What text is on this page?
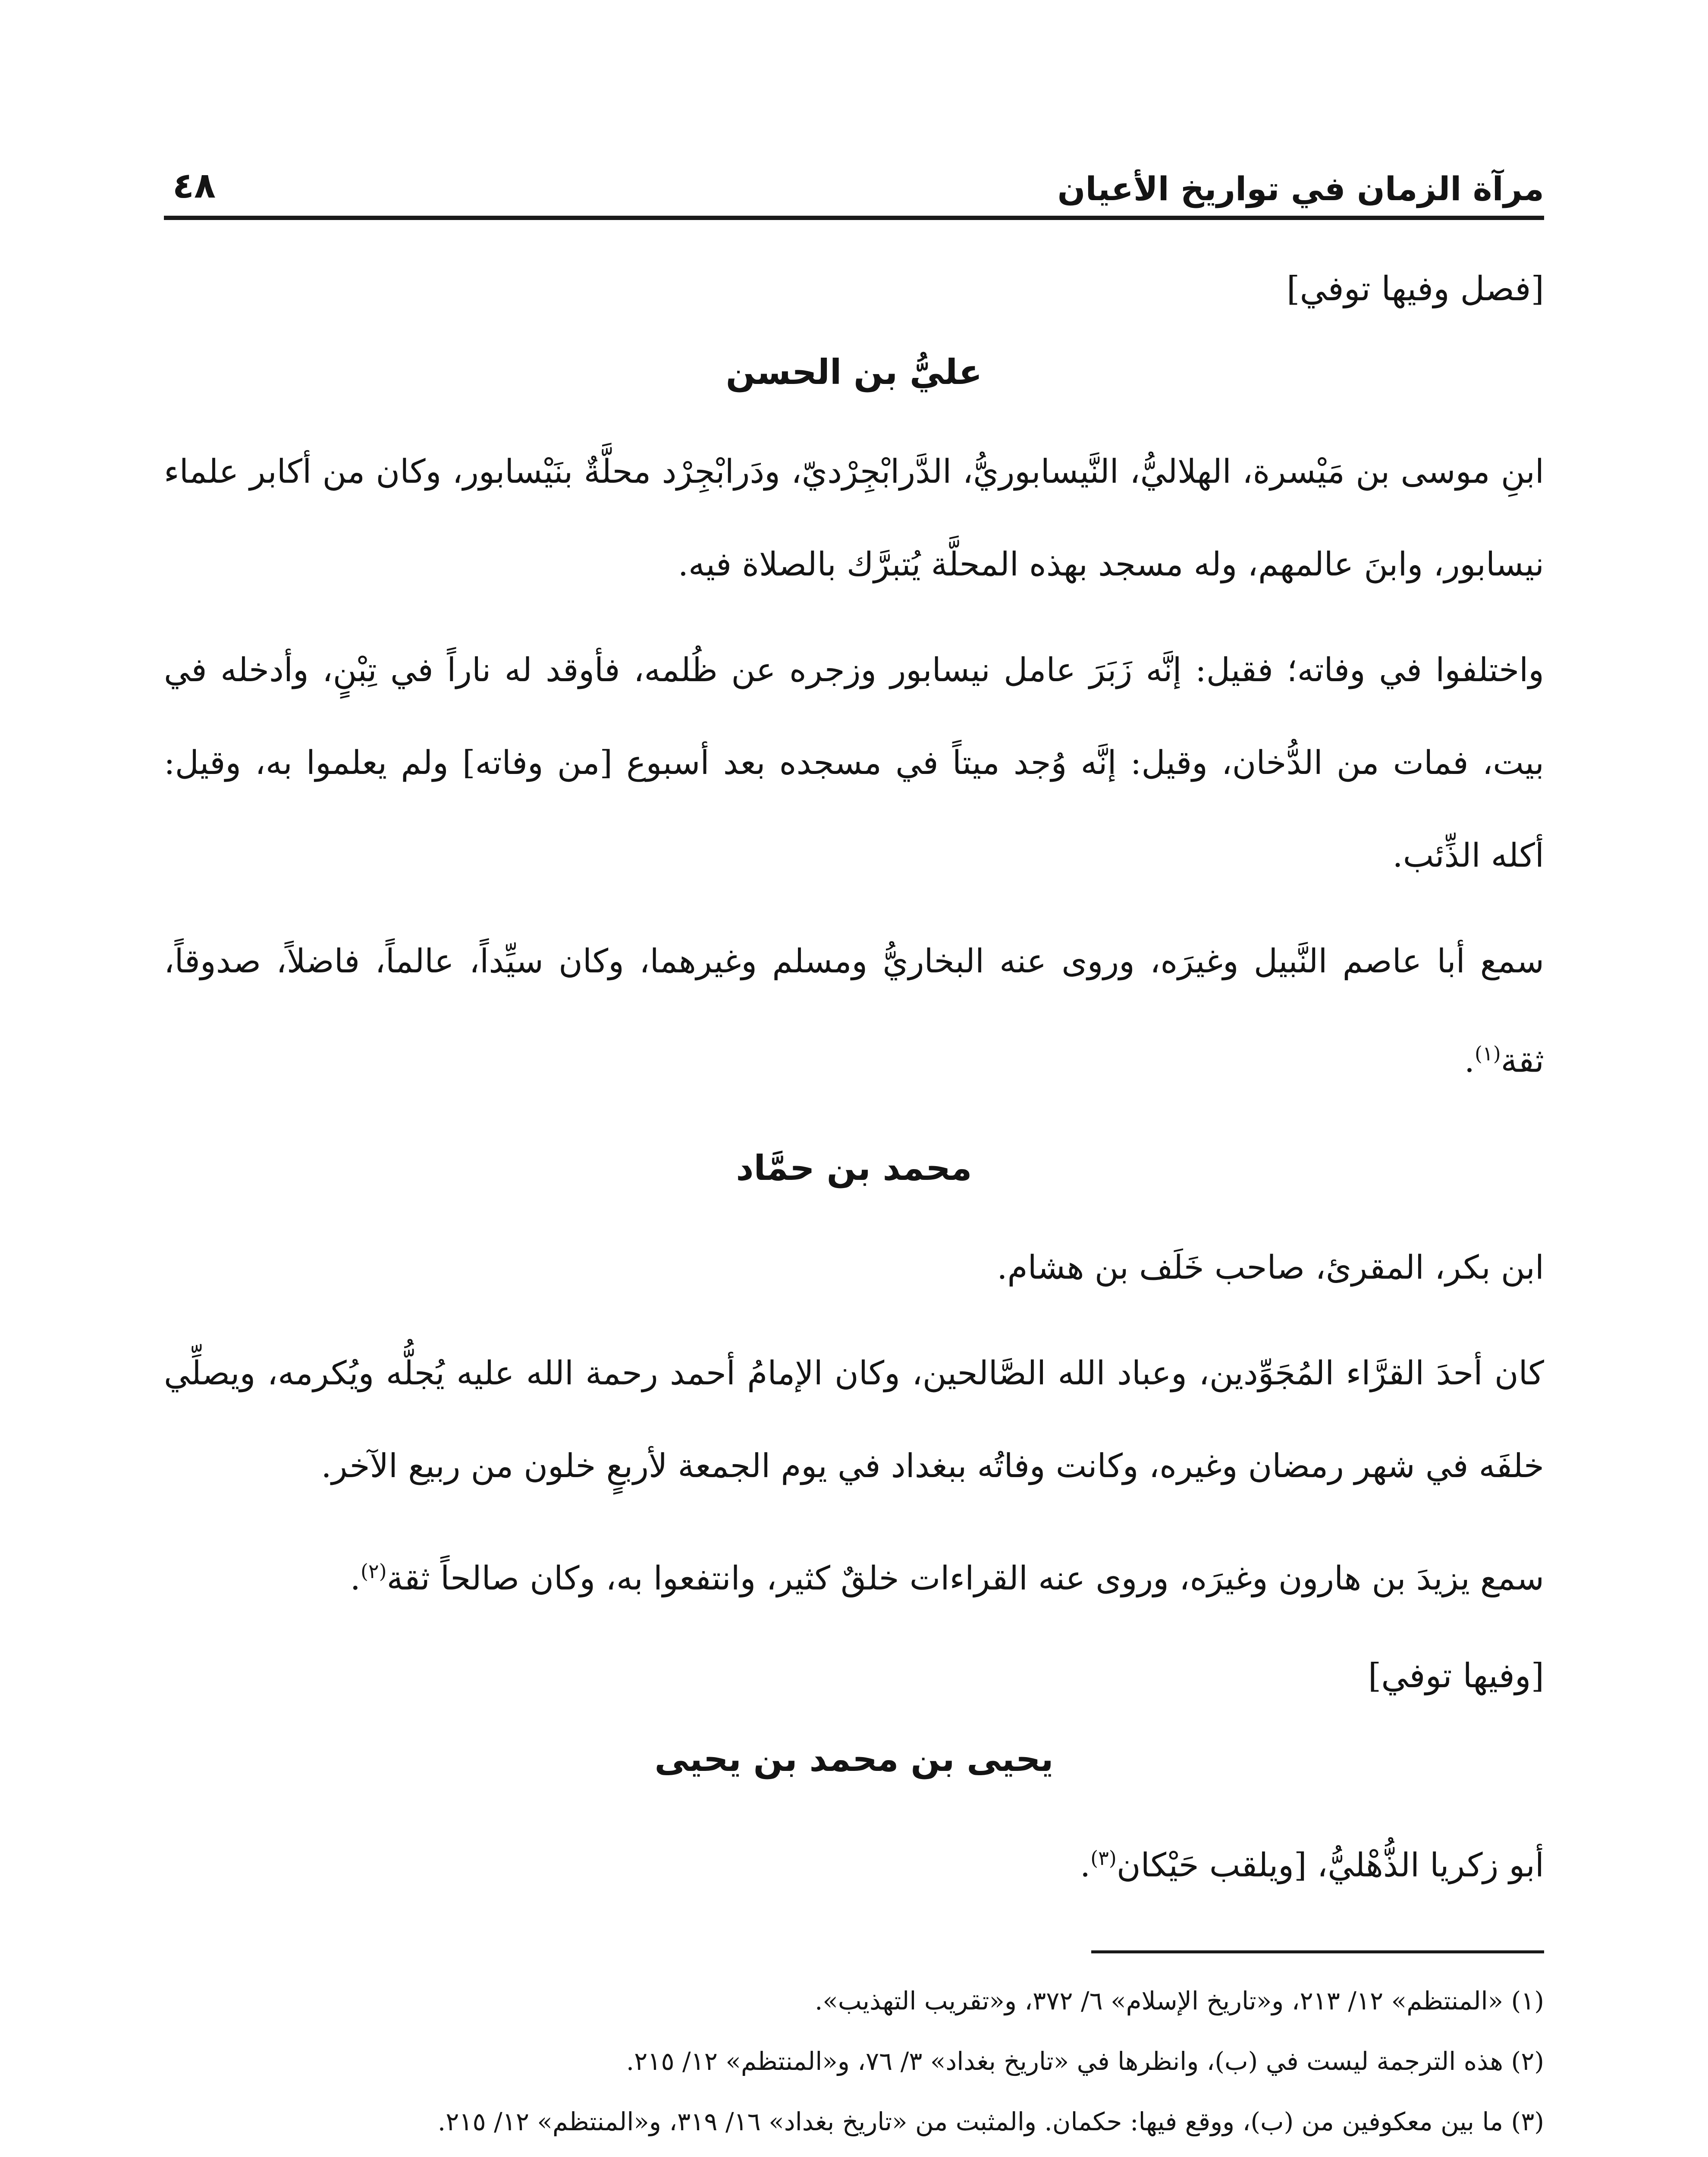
مرآة الزمان في تواريخ الأعيان
٤٨

[فصل وفيها توفي]

عليُّ بن الحسن

ابنِ موسى بن مَيْسرة، الهلاليُّ، النَّيسابوريُّ، الدَّرابْجِرْديّ، ودَرابْجِرْد محلَّةٌ بنَيْسابور، وكان من أكابر علماء نيسابور، وابنَ عالمهم، وله مسجد بهذه المحلَّة يُتبرَّك بالصلاة فيه.

واختلفوا في وفاته؛ فقيل: إنَّه زَبَرَ عامل نيسابور وزجره عن ظُلمه، فأوقد له ناراً في تِبْنٍ، وأدخله في بيت، فمات من الدُّخان، وقيل: إنَّه وُجد ميتاً في مسجده بعد أسبوع [من وفاته] ولم يعلموا به، وقيل: أكله الذِّئب.

سمع أبا عاصم النَّبيل وغيرَه، وروى عنه البخاريُّ ومسلم وغيرهما، وكان سيِّداً، عالماً، فاضلاً، صدوقاً، ثقة$^{(١)}$.

محمد بن حمَّاد

ابن بكر، المقرئ، صاحب خَلَف بن هشام.

كان أحدَ القرَّاء المُجَوِّدين، وعباد الله الصَّالحين، وكان الإمامُ أحمد رحمة الله عليه يُجلُّه ويُكرمه، ويصلِّي خلفَه في شهر رمضان وغيره، وكانت وفاتُه ببغداد في يوم الجمعة لأربعٍ خلون من ربيع الآخر.

سمع يزيدَ بن هارون وغيرَه، وروى عنه القراءات خلقٌ كثير، وانتفعوا به، وكان صالحاً ثقة$^{(٢)}$.

[وفيها توفي]

يحيى بن محمد بن يحيى

أبو زكريا الذُّهْليُّ، [ويلقب حَيْكان$^{(٣)}$.

(١) «المنتظم» ١٢/ ٢١٣، و«تاريخ الإسلام» ٦/ ٣٧٢، و«تقريب التهذيب».

(٢) هذه الترجمة ليست في (ب)، وانظرها في «تاريخ بغداد» ٣/ ٧٦، و«المنتظم» ١٢/ ٢١٥.

(٣) ما بين معكوفين من (ب)، ووقع فيها: حكمان. والمثبت من «تاريخ بغداد» ١٦/ ٣١٩، و«المنتظم» ١٢/ ٢١٥.
